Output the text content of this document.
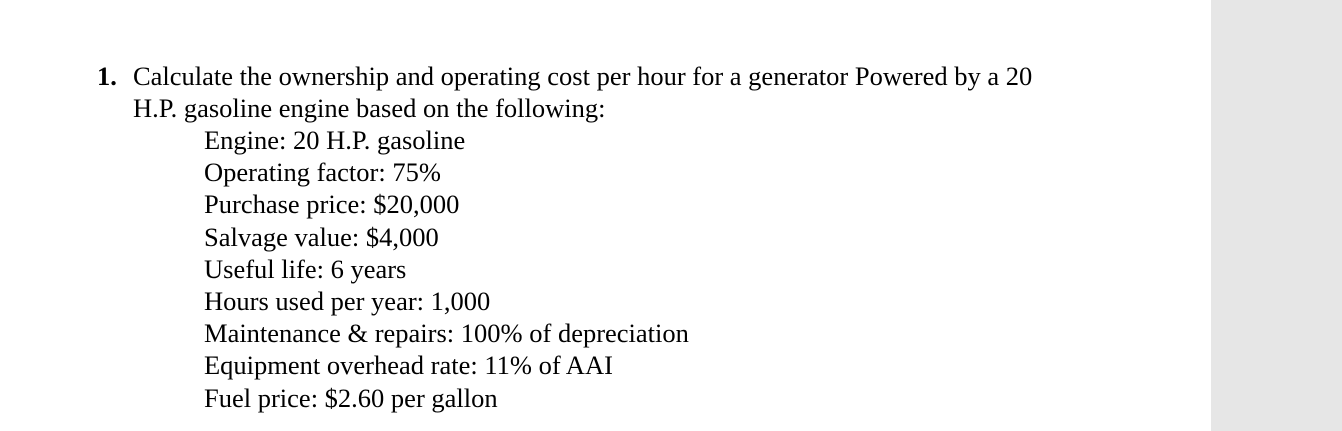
1. Calculate the ownership and operating cost per hour for a generator Powered by a 20
H.P. gasoline engine based on the following:
Engine: 20 H.P. gasoline
Operating factor: 75%
Purchase price: $20,000
Salvage value: $4,000
Useful life: 6 years
Hours used per year: 1,000
Maintenance & repairs: 100% of depreciation
Equipment overhead rate: 11% of AAI
Fuel price: $2.60 per gallon
